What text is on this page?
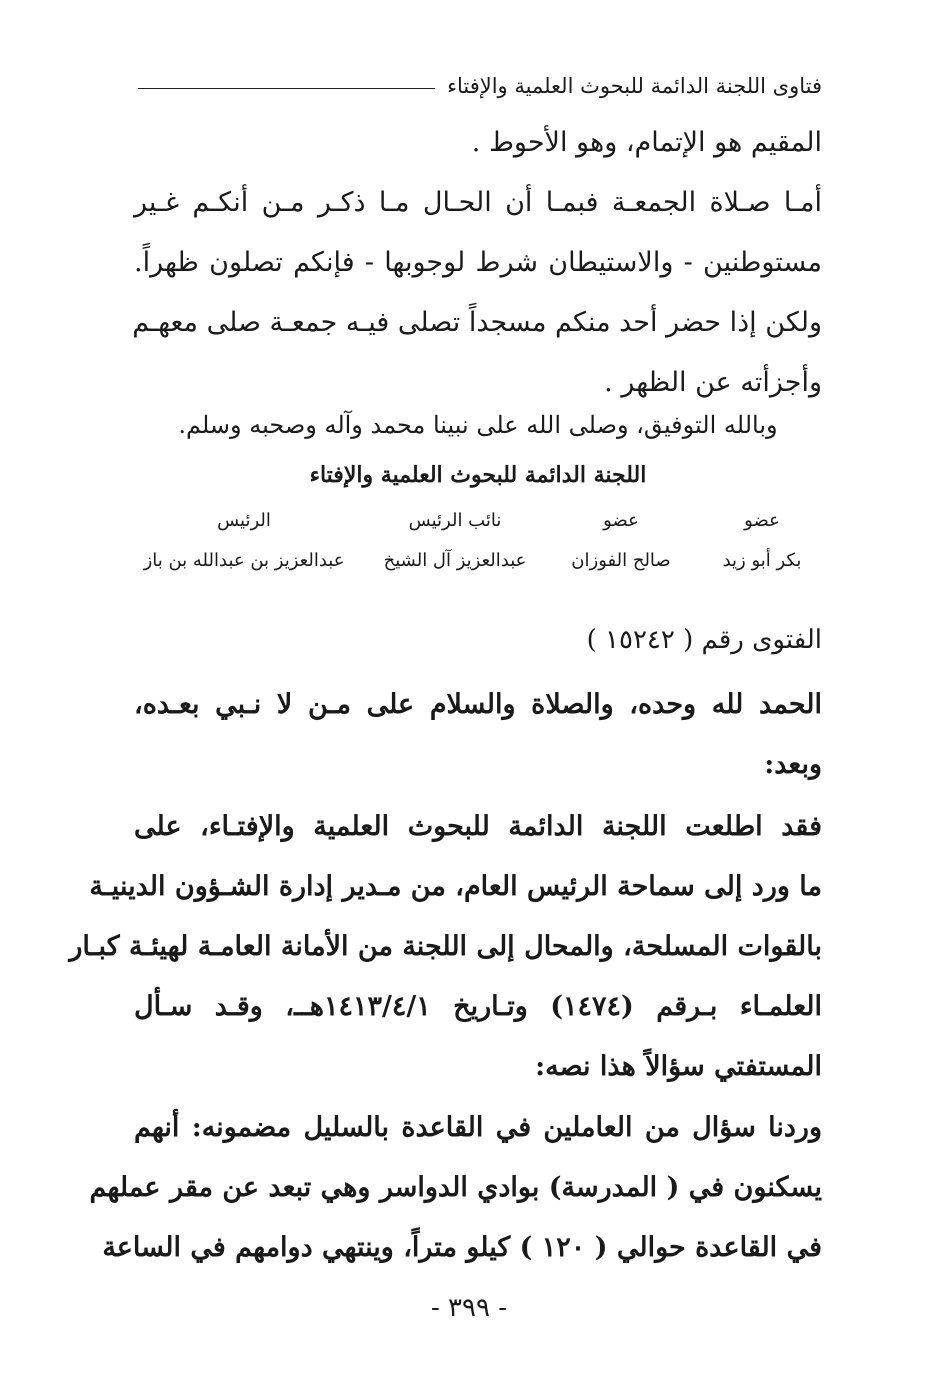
فتاوى اللجنة الدائمة للبحوث العلمية والإفتاء
المقيم هو الإتمام، وهو الأحوط .
أمـا صـلاة الجمعـة فبمـا أن الحـال مـا ذكـر مـن أنكـم غـير
مستوطنين - والاستيطان شرط لوجوبها - فإنكم تصلون ظهراً.
ولكن إذا حضر أحد منكم مسجداً تصلى فيـه جمعـة صلى معهـم
وأجزأته عن الظهر .
وبالله التوفيق، وصلى الله على نبينا محمد وآله وصحبه وسلم.
اللجنة الدائمة للبحوث العلمية والإفتاء
عضو
عضو
نائب الرئيس
الرئيس
بكر أبو زيد
صالح الفوزان
عبدالعزيز آل الشيخ
عبدالعزيز بن عبدالله بن باز
الفتوى رقم ( ١٥٢٤٢ )
الحمد لله وحده، والصلاة والسلام على مـن لا نـبي بعـده،
وبعد:
فقد اطلعت اللجنة الدائمة للبحوث العلمية والإفتـاء، على
ما ورد إلى سماحة الرئيس العام، من مـدير إدارة الشـؤون الدينيـة
بالقوات المسلحة، والمحال إلى اللجنة من الأمانة العامـة لهيئـة كبـار
العلمـاء بـرقم (١٤٧٤) وتـاريخ ١٤١٣/٤/١هــ، وقـد سـأل
المستفتي سؤالاً هذا نصه:
وردنا سؤال من العاملين في القاعدة بالسليل مضمونه: أنهم
يسكنون في ( المدرسة) بوادي الدواسر وهي تبعد عن مقر عملهم
في القاعدة حوالي ( ١٢٠ ) كيلو متراً، وينتهي دوامهم في الساعة
- ٣٩٩ -
